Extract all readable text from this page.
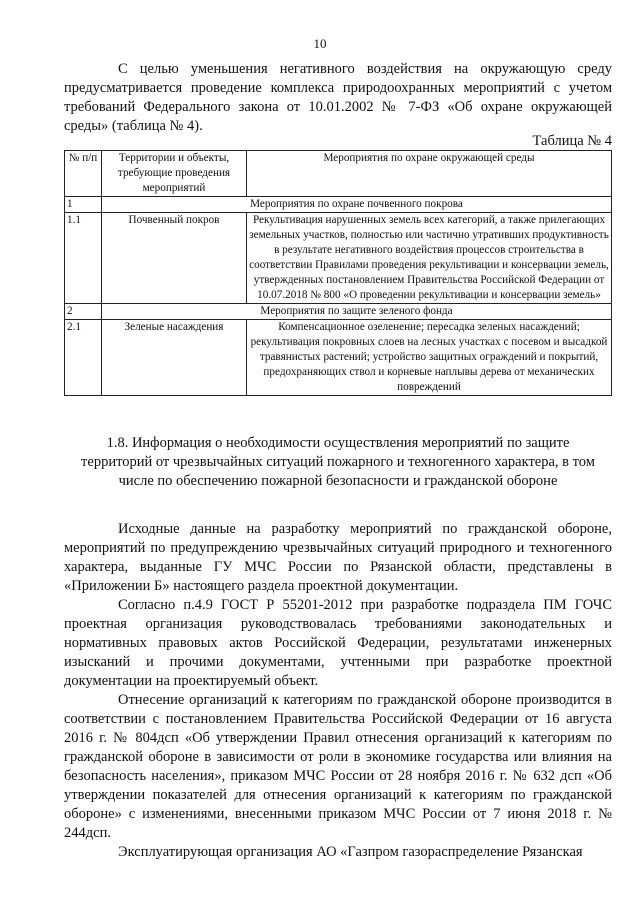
10

С целью уменьшения негативного воздействия на окружающую среду предусматривается проведение комплекса природоохранных мероприятий с учетом требований Федерального закона от 10.01.2002 № 7-ФЗ «Об охране окружающей среды» (таблица № 4).

Таблица № 4
№ п/п	Территории и объекты, требующие проведения мероприятий	Мероприятия по охране окружающей среды
1	Мероприятия по охране почвенного покрова	
1.1	Почвенный покров	Рекультивация нарушенных земель всех категорий, а также прилегающих земельных участков, полностью или частично утративших продуктивность в результате негативного воздействия процессов строительства в соответствии Правилами проведения рекультивации и консервации земель, утвержденных постановлением Правительства Российской Федерации от 10.07.2018 № 800 «О проведении рекультивации и консервации земель»
2	Мероприятия по защите зеленого фонда	
2.1	Зеленые насаждения	Компенсационное озеленение; пересадка зеленых насаждений; рекультивация покровных слоев на лесных участках с посевом и высадкой травянистых растений; устройство защитных ограждений и покрытий, предохраняющих ствол и корневые наплывы дерева от механических повреждений

1.8. Информация о необходимости осуществления мероприятий по защите территорий от чрезвычайных ситуаций пожарного и техногенного характера, в том числе по обеспечению пожарной безопасности и гражданской обороне

Исходные данные на разработку мероприятий по гражданской обороне, мероприятий по предупреждению чрезвычайных ситуаций природного и техногенного характера, выданные ГУ МЧС России по Рязанской области, представлены в «Приложении Б» настоящего раздела проектной документации.

Согласно п.4.9 ГОСТ Р 55201-2012 при разработке подраздела ПМ ГОЧС проектная организация руководствовалась требованиями законодательных и нормативных правовых актов Российской Федерации, результатами инженерных изысканий и прочими документами, учтенными при разработке проектной документации на проектируемый объект.

Отнесение организаций к категориям по гражданской обороне производится в соответствии с постановлением Правительства Российской Федерации от 16 августа 2016 г. № 804дсп «Об утверждении Правил отнесения организаций к категориям по гражданской обороне в зависимости от роли в экономике государства или влияния на безопасность населения», приказом МЧС России от 28 ноября 2016 г. № 632 дсп «Об утверждении показателей для отнесения организаций к категориям по гражданской обороне» с изменениями, внесенными приказом МЧС России от 7 июня 2018 г. № 244дсп.

Эксплуатирующая организация АО «Газпром газораспределение Рязанская
